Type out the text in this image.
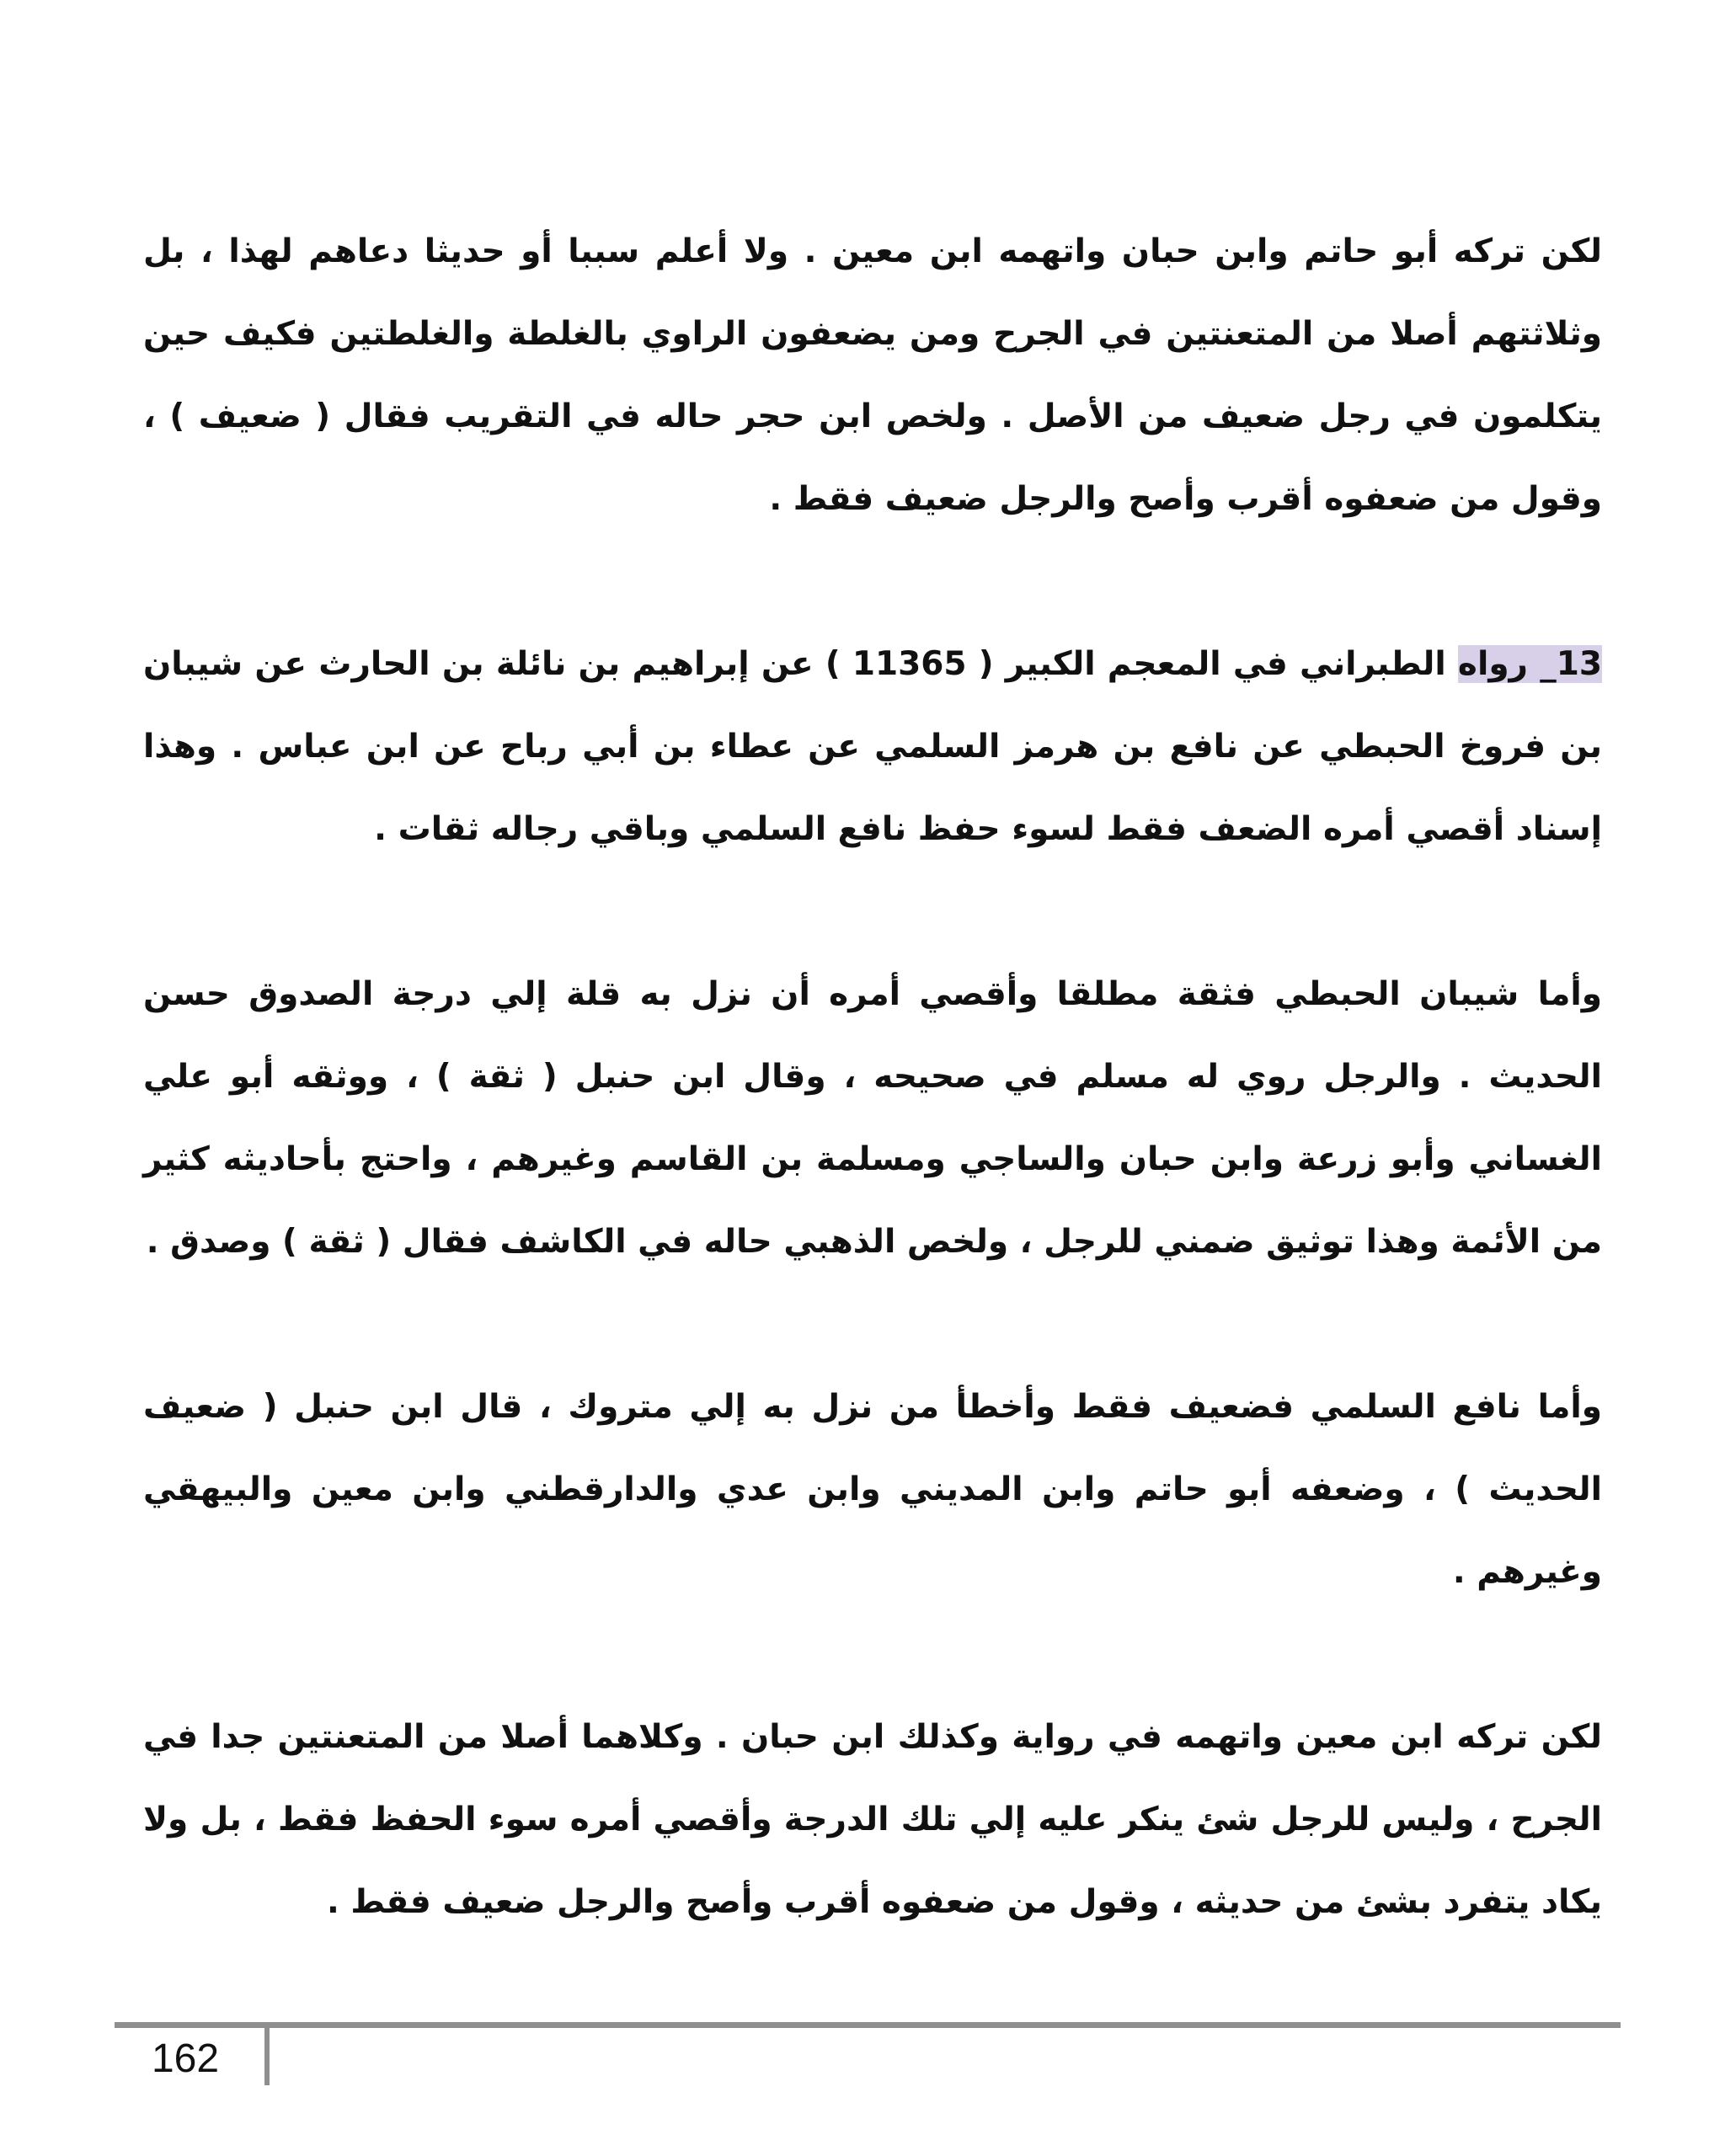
لكن تركه أبو حاتم وابن حبان واتهمه ابن معين . ولا أعلم سببا أو حديثا دعاهم لهذا ، بل وثلاثتهم أصلا من المتعنتين في الجرح ومن يضعفون الراوي بالغلطة والغلطتين فكيف حين يتكلمون في رجل ضعيف من الأصل . ولخص ابن حجر حاله في التقريب فقال ( ضعيف ) ، وقول من ضعفوه أقرب وأصح والرجل ضعيف فقط .

13_ رواه الطبراني في المعجم الكبير ( 11365 ) عن إبراهيم بن نائلة بن الحارث عن شيبان بن فروخ الحبطي عن نافع بن هرمز السلمي عن عطاء بن أبي رباح عن ابن عباس . وهذا إسناد أقصي أمره الضعف فقط لسوء حفظ نافع السلمي وباقي رجاله ثقات .

وأما شيبان الحبطي فثقة مطلقا وأقصي أمره أن نزل به قلة إلي درجة الصدوق حسن الحديث . والرجل روي له مسلم في صحيحه ، وقال ابن حنبل ( ثقة ) ، ووثقه أبو علي الغساني وأبو زرعة وابن حبان والساجي ومسلمة بن القاسم وغيرهم ، واحتج بأحاديثه كثير من الأئمة وهذا توثيق ضمني للرجل ، ولخص الذهبي حاله في الكاشف فقال ( ثقة ) وصدق .

وأما نافع السلمي فضعيف فقط وأخطأ من نزل به إلي متروك ، قال ابن حنبل ( ضعيف الحديث ) ، وضعفه أبو حاتم وابن المديني وابن عدي والدارقطني وابن معين والبيهقي وغيرهم .

لكن تركه ابن معين واتهمه في رواية وكذلك ابن حبان . وكلاهما أصلا من المتعنتين جدا في الجرح ، وليس للرجل شئ ينكر عليه إلي تلك الدرجة وأقصي أمره سوء الحفظ فقط ، بل ولا يكاد يتفرد بشئ من حديثه ، وقول من ضعفوه أقرب وأصح والرجل ضعيف فقط .

162
